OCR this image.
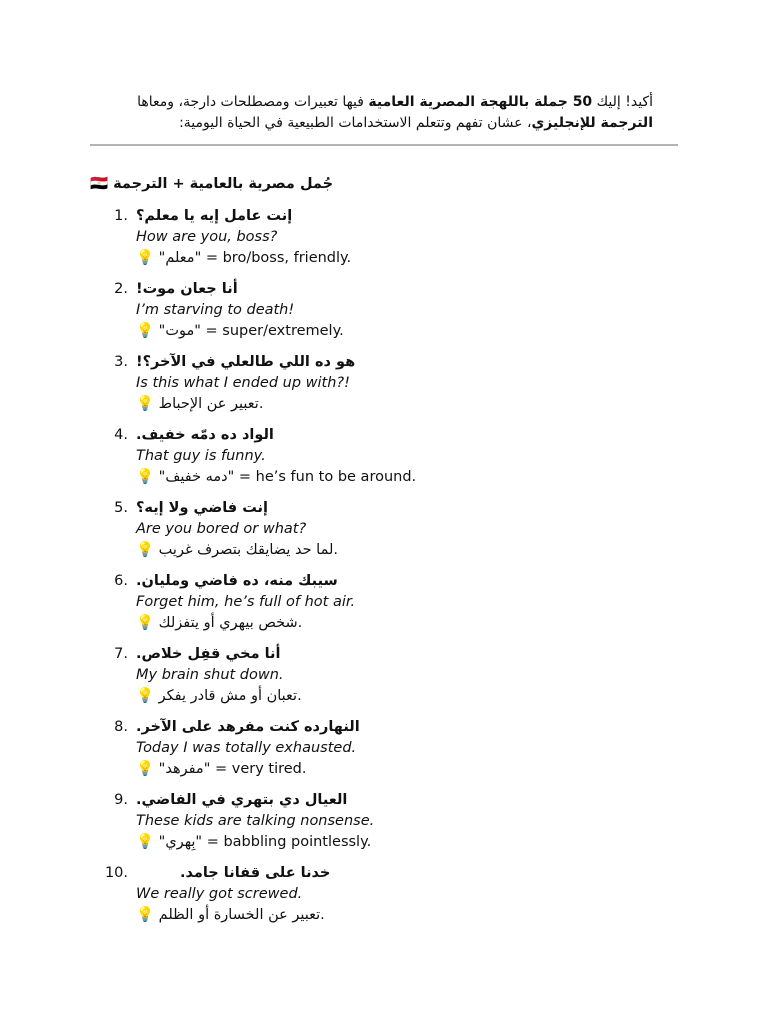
أكيد! إليك 50 جملة باللهجة المصرية العامية فيها تعبيرات ومصطلحات دارجة، ومعاها
الترجمة للإنجليزي، عشان تفهم وتتعلم الاستخدامات الطبيعية في الحياة اليومية:
🇪🇬 جُمل مصرية بالعامية + الترجمة
1. إنت عامل إيه يا معلم؟
How are you, boss?
💡 "معلم" = bro/boss, friendly.
2. أنا جعان موت!
I’m starving to death!
💡 "موت" = super/extremely.
3. هو ده اللي طالعلي في الآخر؟!
Is this what I ended up with?!
💡 تعبير عن الإحباط.
4. الواد ده دمّه خفيف.
That guy is funny.
💡 "دمه خفيف" = he’s fun to be around.
5. إنت فاضي ولا إيه؟
Are you bored or what?
💡 لما حد يضايقك بتصرف غريب.
6. سيبك منه، ده فاضي ومليان.
Forget him, he’s full of hot air.
💡 شخص بيهري أو يتفزلك.
7. أنا مخي قفِل خلاص.
My brain shut down.
💡 تعبان أو مش قادر يفكر.
8. النهارده كنت مفرهد على الآخر.
Today I was totally exhausted.
💡 "مفرهد" = very tired.
9. العيال دي بتهري في الفاضي.
These kids are talking nonsense.
💡 "بِهري" = babbling pointlessly.
10.	خدنا على قفانا جامد.
We really got screwed.
💡 تعبير عن الخسارة أو الظلم.
